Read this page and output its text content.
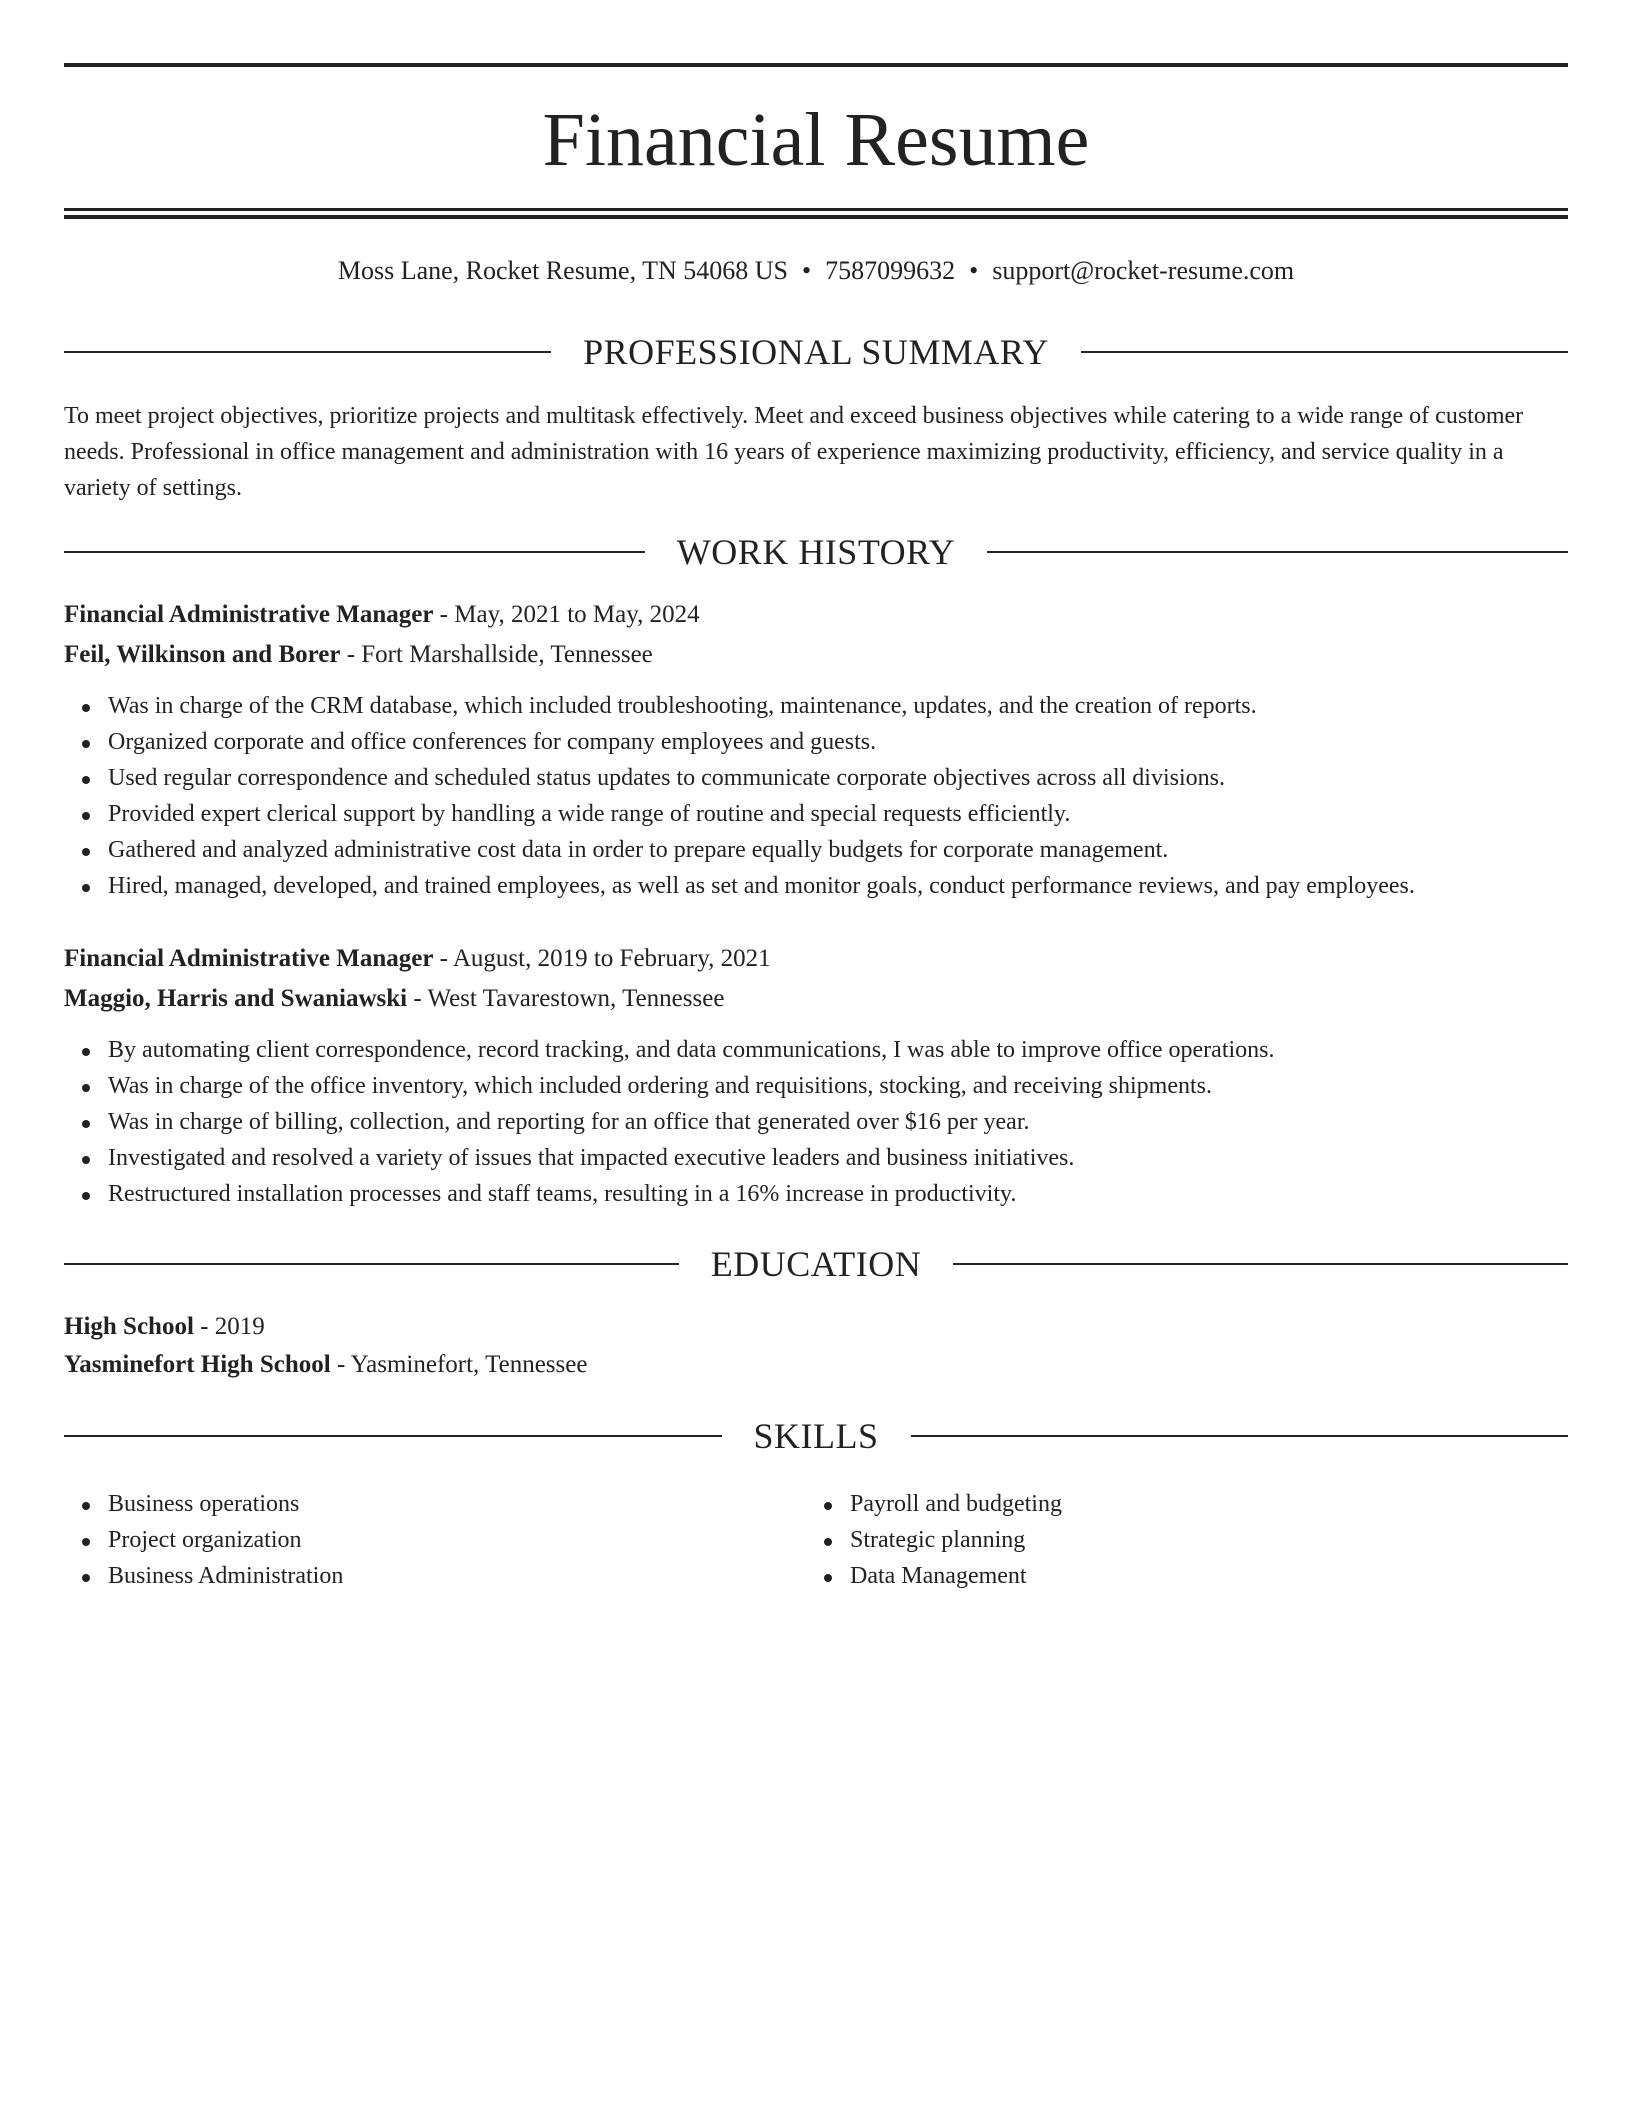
Financial Resume
Moss Lane, Rocket Resume, TN 54068 US • 7587099632 • support@rocket-resume.com
PROFESSIONAL SUMMARY

To meet project objectives, prioritize projects and multitask effectively. Meet and exceed business objectives while catering to a wide range of customer needs. Professional in office management and administration with 16 years of experience maximizing productivity, efficiency, and service quality in a variety of settings.

WORK HISTORY
Financial Administrative Manager - May, 2021 to May, 2024
Feil, Wilkinson and Borer - Fort Marshallside, Tennessee
Was in charge of the CRM database, which included troubleshooting, maintenance, updates, and the creation of reports.
Organized corporate and office conferences for company employees and guests.
Used regular correspondence and scheduled status updates to communicate corporate objectives across all divisions.
Provided expert clerical support by handling a wide range of routine and special requests efficiently.
Gathered and analyzed administrative cost data in order to prepare equally budgets for corporate management.
Hired, managed, developed, and trained employees, as well as set and monitor goals, conduct performance reviews, and pay employees.
Financial Administrative Manager - August, 2019 to February, 2021
Maggio, Harris and Swaniawski - West Tavarestown, Tennessee
By automating client correspondence, record tracking, and data communications, I was able to improve office operations.
Was in charge of the office inventory, which included ordering and requisitions, stocking, and receiving shipments.
Was in charge of billing, collection, and reporting for an office that generated over $16 per year.
Investigated and resolved a variety of issues that impacted executive leaders and business initiatives.
Restructured installation processes and staff teams, resulting in a 16% increase in productivity.
EDUCATION
High School - 2019
Yasminefort High School - Yasminefort, Tennessee
SKILLS
Business operations
Project organization
Business Administration
Payroll and budgeting
Strategic planning
Data Management
